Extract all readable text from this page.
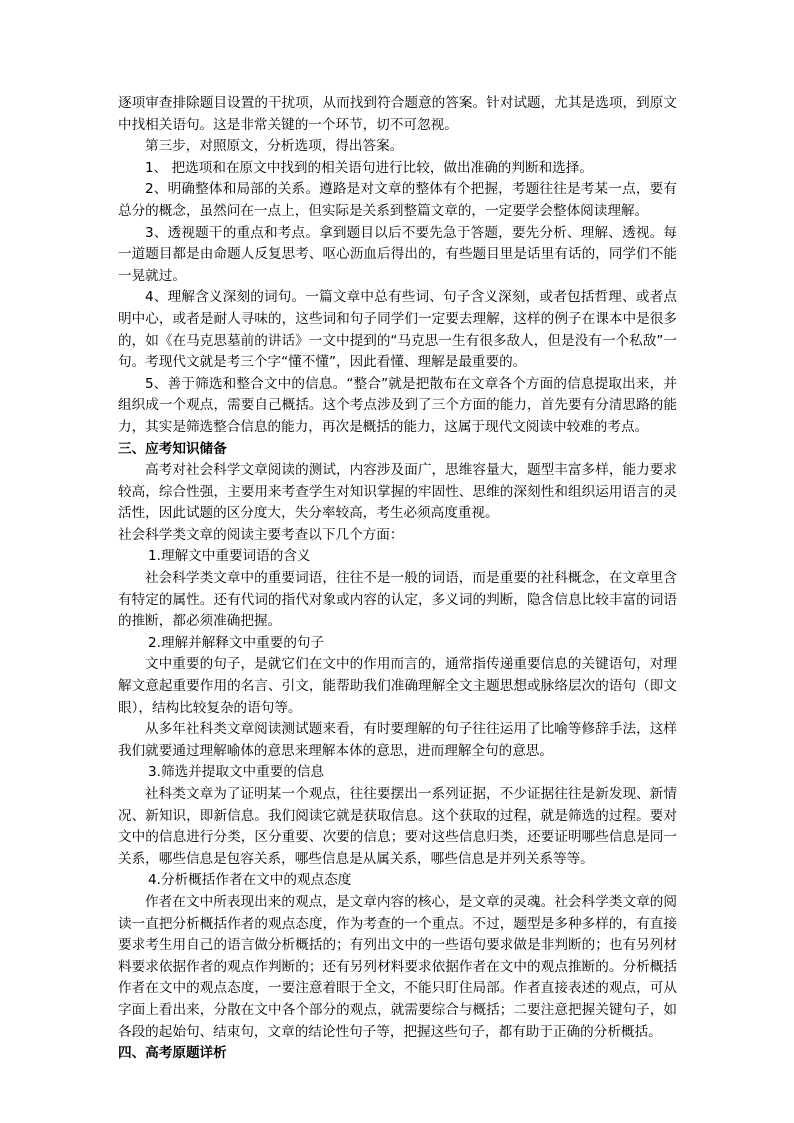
逐项审查排除题目设置的干扰项，从而找到符合题意的答案。针对试题，尤其是选项，到原文中找相关语句。这是非常关键的一个环节，切不可忽视。

第三步，对照原文，分析选项，得出答案。

1、 把选项和在原文中找到的相关语句进行比较，做出准确的判断和选择。

2、明确整体和局部的关系。遵路是对文章的整体有个把握，考题往往是考某一点，要有总分的概念，虽然问在一点上，但实际是关系到整篇文章的，一定要学会整体阅读理解。

3、透视题干的重点和考点。拿到题目以后不要先急于答题，要先分析、理解、透视。每一道题目都是由命题人反复思考、呕心沥血后得出的，有些题目里是话里有话的，同学们不能一晃就过。

4、理解含义深刻的词句。一篇文章中总有些词、句子含义深刻，或者包括哲理、或者点明中心，或者是耐人寻味的，这些词和句子同学们一定要去理解，这样的例子在课本中是很多的，如《在马克思墓前的讲话》一文中提到的“马克思一生有很多敌人，但是没有一个私敌”一句。考现代文就是考三个字“懂不懂”，因此看懂、理解是最重要的。

5、善于筛选和整合文中的信息。“整合”就是把散布在文章各个方面的信息提取出来，并组织成一个观点，需要自己概括。这个考点涉及到了三个方面的能力，首先要有分清思路的能力，其实是筛选整合信息的能力，再次是概括的能力，这属于现代文阅读中较难的考点。

三、应考知识储备

高考对社会科学文章阅读的测试，内容涉及面广，思维容量大，题型丰富多样，能力要求较高，综合性强，主要用来考查学生对知识掌握的牢固性、思维的深刻性和组织运用语言的灵活性，因此试题的区分度大，失分率较高，考生必须高度重视。

社会科学类文章的阅读主要考查以下几个方面：

1.理解文中重要词语的含义

社会科学类文章中的重要词语，往往不是一般的词语，而是重要的社科概念，在文章里含有特定的属性。还有代词的指代对象或内容的认定，多义词的判断，隐含信息比较丰富的词语的推断，都必须准确把握。

2.理解并解释文中重要的句子

文中重要的句子，是就它们在文中的作用而言的，通常指传递重要信息的关键语句，对理解文意起重要作用的名言、引文，能帮助我们准确理解全文主题思想或脉络层次的语句（即文眼），结构比较复杂的语句等。

从多年社科类文章阅读测试题来看，有时要理解的句子往往运用了比喻等修辞手法，这样我们就要通过理解喻体的意思来理解本体的意思，进而理解全句的意思。

3.筛选并提取文中重要的信息

社科类文章为了证明某一个观点，往往要摆出一系列证据，不少证据往往是新发现、新情况、新知识，即新信息。我们阅读它就是获取信息。这个获取的过程，就是筛选的过程。要对文中的信息进行分类，区分重要、次要的信息；要对这些信息归类，还要证明哪些信息是同一关系，哪些信息是包容关系，哪些信息是从属关系，哪些信息是并列关系等等。

4.分析概括作者在文中的观点态度

作者在文中所表现出来的观点，是文章内容的核心，是文章的灵魂。社会科学类文章的阅读一直把分析概括作者的观点态度，作为考查的一个重点。不过，题型是多种多样的，有直接要求考生用自己的语言做分析概括的；有列出文中的一些语句要求做是非判断的；也有另列材料要求依据作者的观点作判断的；还有另列材料要求依据作者在文中的观点推断的。分析概括作者在文中的观点态度，一要注意着眼于全文，不能只盯住局部。作者直接表述的观点，可从字面上看出来，分散在文中各个部分的观点，就需要综合与概括；二要注意把握关键句子，如各段的起始句、结束句，文章的结论性句子等，把握这些句子，都有助于正确的分析概括。

四、高考原题详析
